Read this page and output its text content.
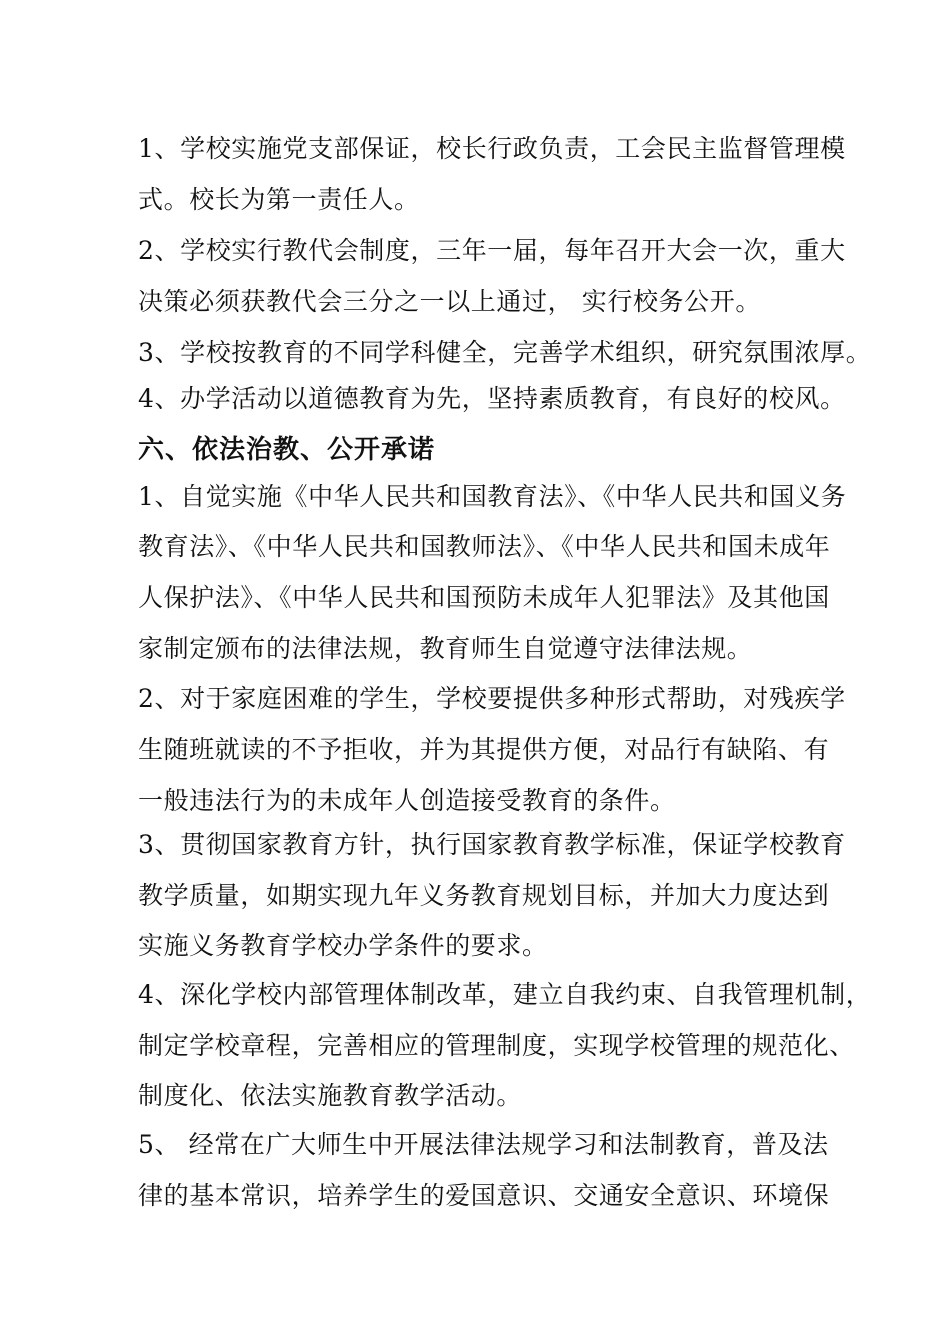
1、学校实施党支部保证，校长行政负责，工会民主监督管理模
式。校长为第一责任人。
2、学校实行教代会制度，三年一届，每年召开大会一次，重大
决策必须获教代会三分之一以上通过， 实行校务公开。
3、学校按教育的不同学科健全，完善学术组织，研究氛围浓厚。
4、办学活动以道德教育为先，坚持素质教育，有良好的校风。
六、依法治教、公开承诺
1、自觉实施《中华人民共和国教育法》、《中华人民共和国义务
教育法》、《中华人民共和国教师法》、《中华人民共和国未成年
人保护法》、《中华人民共和国预防未成年人犯罪法》及其他国
家制定颁布的法律法规，教育师生自觉遵守法律法规。
2、对于家庭困难的学生，学校要提供多种形式帮助，对残疾学
生随班就读的不予拒收，并为其提供方便，对品行有缺陷、有
一般违法行为的未成年人创造接受教育的条件。
3、贯彻国家教育方针，执行国家教育教学标准，保证学校教育
教学质量，如期实现九年义务教育规划目标，并加大力度达到
实施义务教育学校办学条件的要求。
4、深化学校内部管理体制改革，建立自我约束、自我管理机制，
制定学校章程，完善相应的管理制度，实现学校管理的规范化、
制度化、依法实施教育教学活动。
5、 经常在广大师生中开展法律法规学习和法制教育，普及法
律的基本常识，培养学生的爱国意识、交通安全意识、环境保
